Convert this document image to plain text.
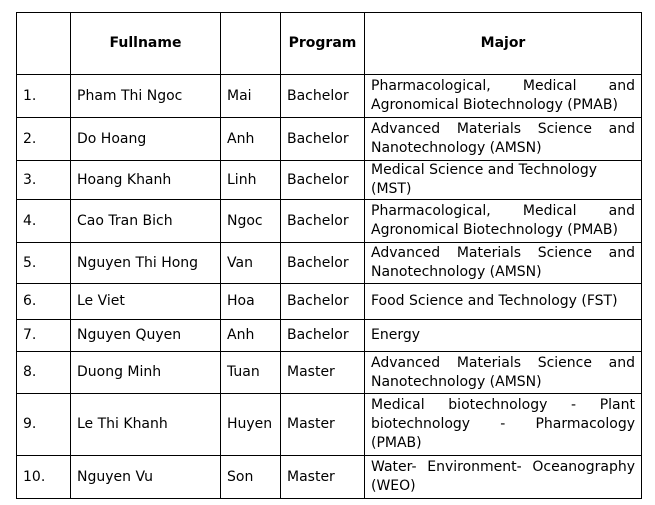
	Fullname		Program	Major
1.	Pham Thi Ngoc	Mai	Bachelor	Pharmacological, Medical and Agronomical Biotechnology (PMAB)
2.	Do Hoang	Anh	Bachelor	Advanced Materials Science and Nanotechnology (AMSN)
3.	Hoang Khanh	Linh	Bachelor	Medical Science and Technology (MST)
4.	Cao Tran Bich	Ngoc	Bachelor	Pharmacological, Medical and Agronomical Biotechnology (PMAB)
5.	Nguyen Thi Hong	Van	Bachelor	Advanced Materials Science and Nanotechnology (AMSN)
6.	Le Viet	Hoa	Bachelor	Food Science and Technology (FST)
7.	Nguyen Quyen	Anh	Bachelor	Energy
8.	Duong Minh	Tuan	Master	Advanced Materials Science and Nanotechnology (AMSN)
9.	Le Thi Khanh	Huyen	Master	Medical biotechnology - Plant biotechnology - Pharmacology (PMAB)
10.	Nguyen Vu	Son	Master	Water- Environment- Oceanography (WEO)
